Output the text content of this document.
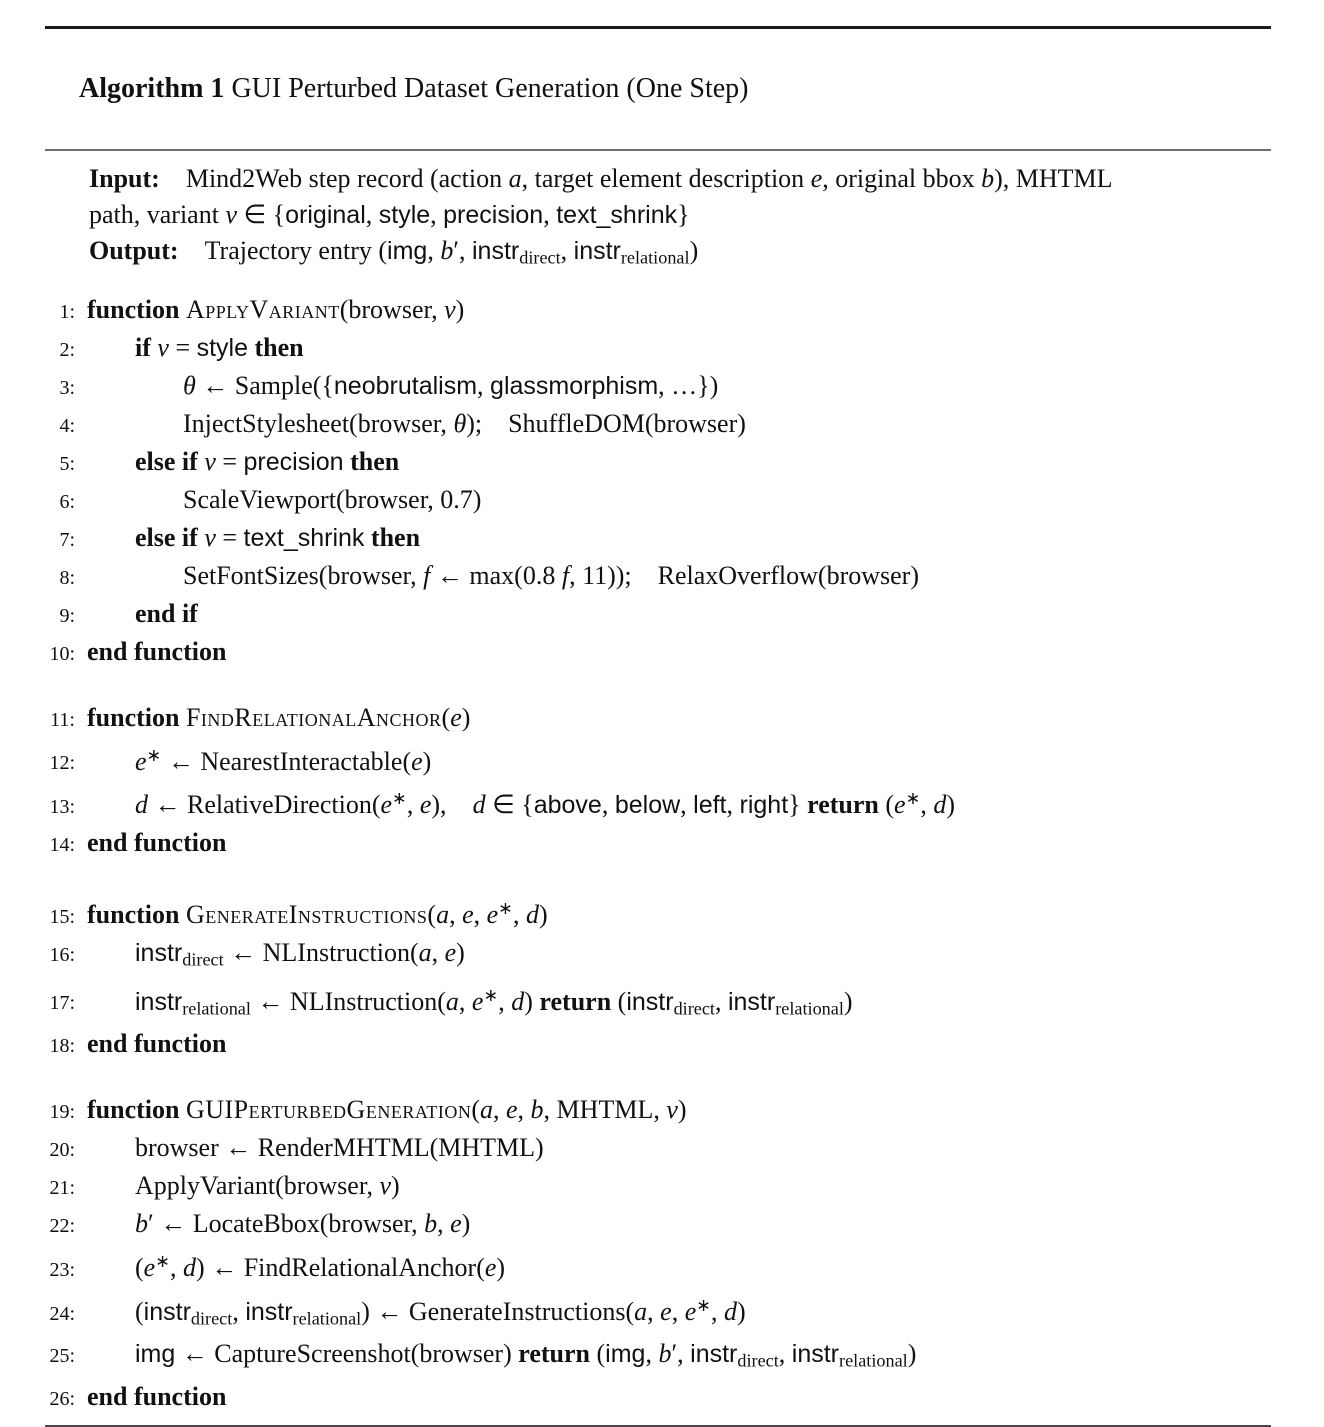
Algorithm 1 GUI Perturbed Dataset Generation (One Step)

Input: Mind2Web step record (action a, target element description e, original bbox b), MHTML
path, variant v ∈ {original, style, precision, text_shrink}
Output: Trajectory entry (img, b′, instrdirect, instrrelational)
1: function ApplyVariant(browser, v)
2:	if v = style then
3:	θ ← Sample({neobrutalism, glassmorphism, …})
4:	InjectStylesheet(browser, θ); ShuffleDOM(browser)
5:	else if v = precision then
6:	ScaleViewport(browser, 0.7)
7:	else if v = text_shrink then
8:	SetFontSizes(browser, f ← max(0.8 f, 11)); RelaxOverflow(browser)
9:	end if
10: end function
11: function FindRelationalAnchor(e)
12:	e∗ ← NearestInteractable(e)
13:	d ← RelativeDirection(e∗, e), d ∈ {above, below, left, right} return (e∗, d)
14: end function
15: function GenerateInstructions(a, e, e∗, d)
16:	instrdirect ← NLInstruction(a, e)
17:	instrrelational ← NLInstruction(a, e∗, d) return (instrdirect, instrrelational)
18: end function
19: function GUIPerturbedGeneration(a, e, b, MHTML, v)
20:	browser ← RenderMHTML(MHTML)
21:	ApplyVariant(browser, v)
22:	b′ ← LocateBbox(browser, b, e)
23:	(e∗, d) ← FindRelationalAnchor(e)
24:	(instrdirect, instrrelational) ← GenerateInstructions(a, e, e∗, d)
25:	img ← CaptureScreenshot(browser) return (img, b′, instrdirect, instrrelational)
26: end function
